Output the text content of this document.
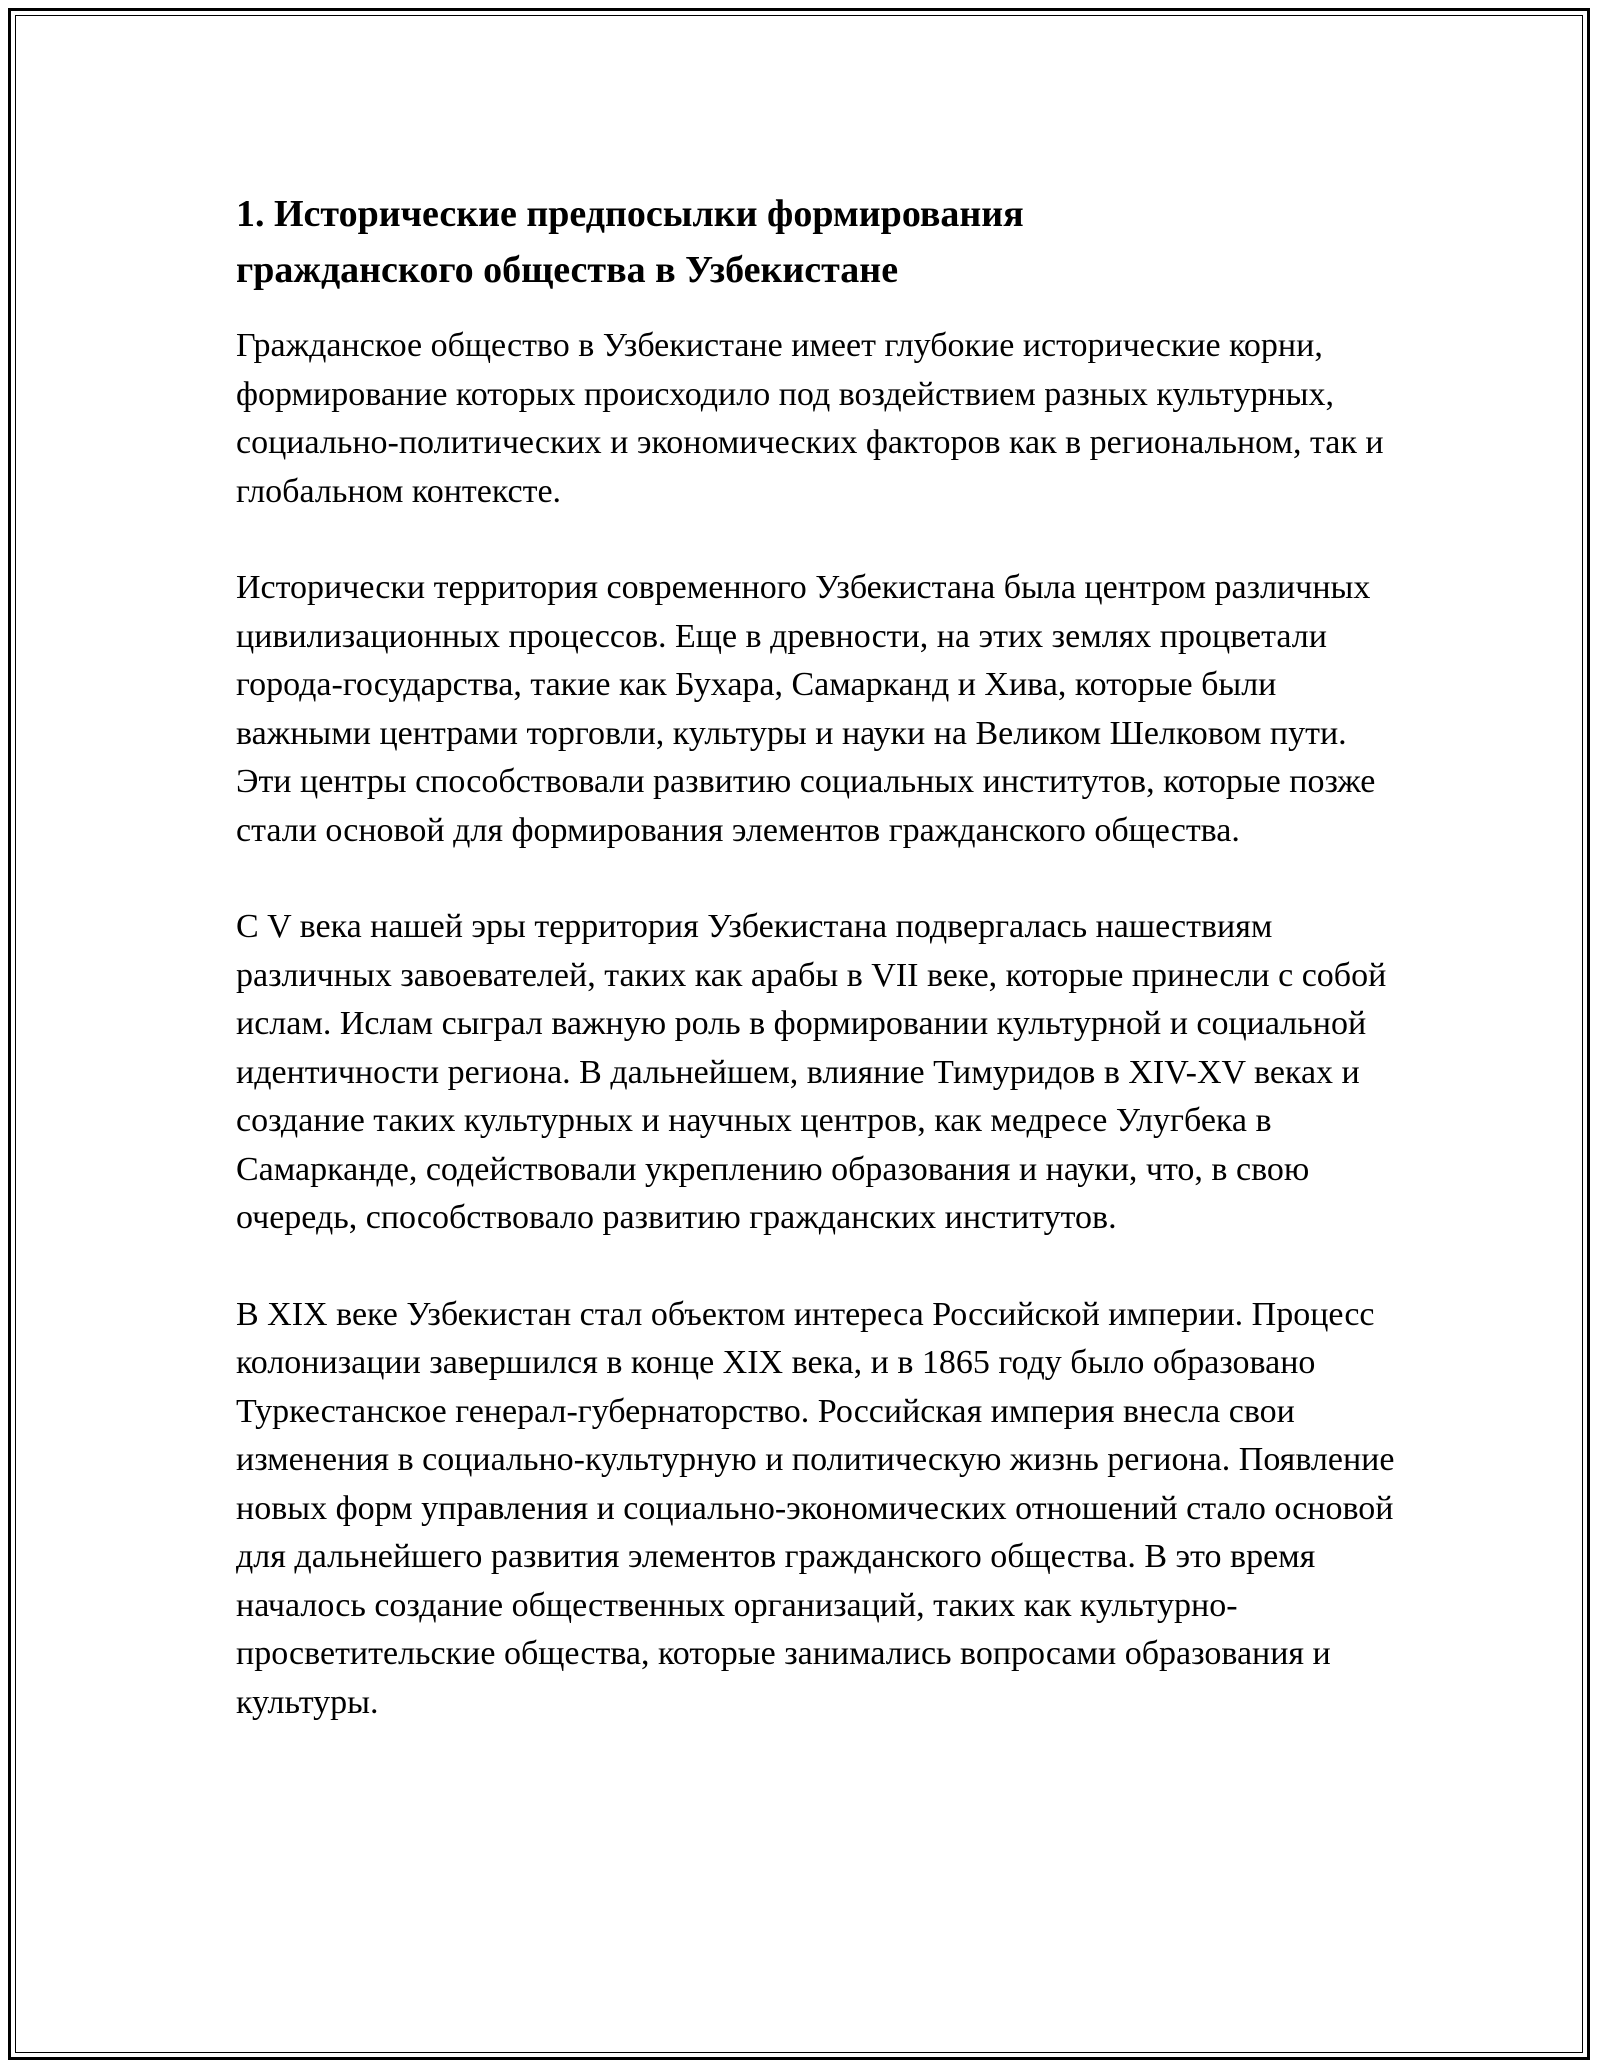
1. Исторические предпосылки формирования гражданского общества в Узбекистане

Гражданское общество в Узбекистане имеет глубокие исторические корни, формирование которых происходило под воздействием разных культурных, социально-политических и экономических факторов как в региональном, так и глобальном контексте.

Исторически территория современного Узбекистана была центром различных цивилизационных процессов. Еще в древности, на этих землях процветали города-государства, такие как Бухара, Самарканд и Хива, которые были важными центрами торговли, культуры и науки на Великом Шелковом пути. Эти центры способствовали развитию социальных институтов, которые позже стали основой для формирования элементов гражданского общества.

С V века нашей эры территория Узбекистана подвергалась нашествиям различных завоевателей, таких как арабы в VII веке, которые принесли с собой ислам. Ислам сыграл важную роль в формировании культурной и социальной идентичности региона. В дальнейшем, влияние Тимуридов в XIV-XV веках и создание таких культурных и научных центров, как медресе Улугбека в Самарканде, содействовали укреплению образования и науки, что, в свою очередь, способствовало развитию гражданских институтов.

В XIX веке Узбекистан стал объектом интереса Российской империи. Процесс колонизации завершился в конце XIX века, и в 1865 году было образовано Туркестанское генерал-губернаторство. Российская империя внесла свои изменения в социально-культурную и политическую жизнь региона. Появление новых форм управления и социально-экономических отношений стало основой для дальнейшего развития элементов гражданского общества. В это время началось создание общественных организаций, таких как культурно-просветительские общества, которые занимались вопросами образования и культуры.
